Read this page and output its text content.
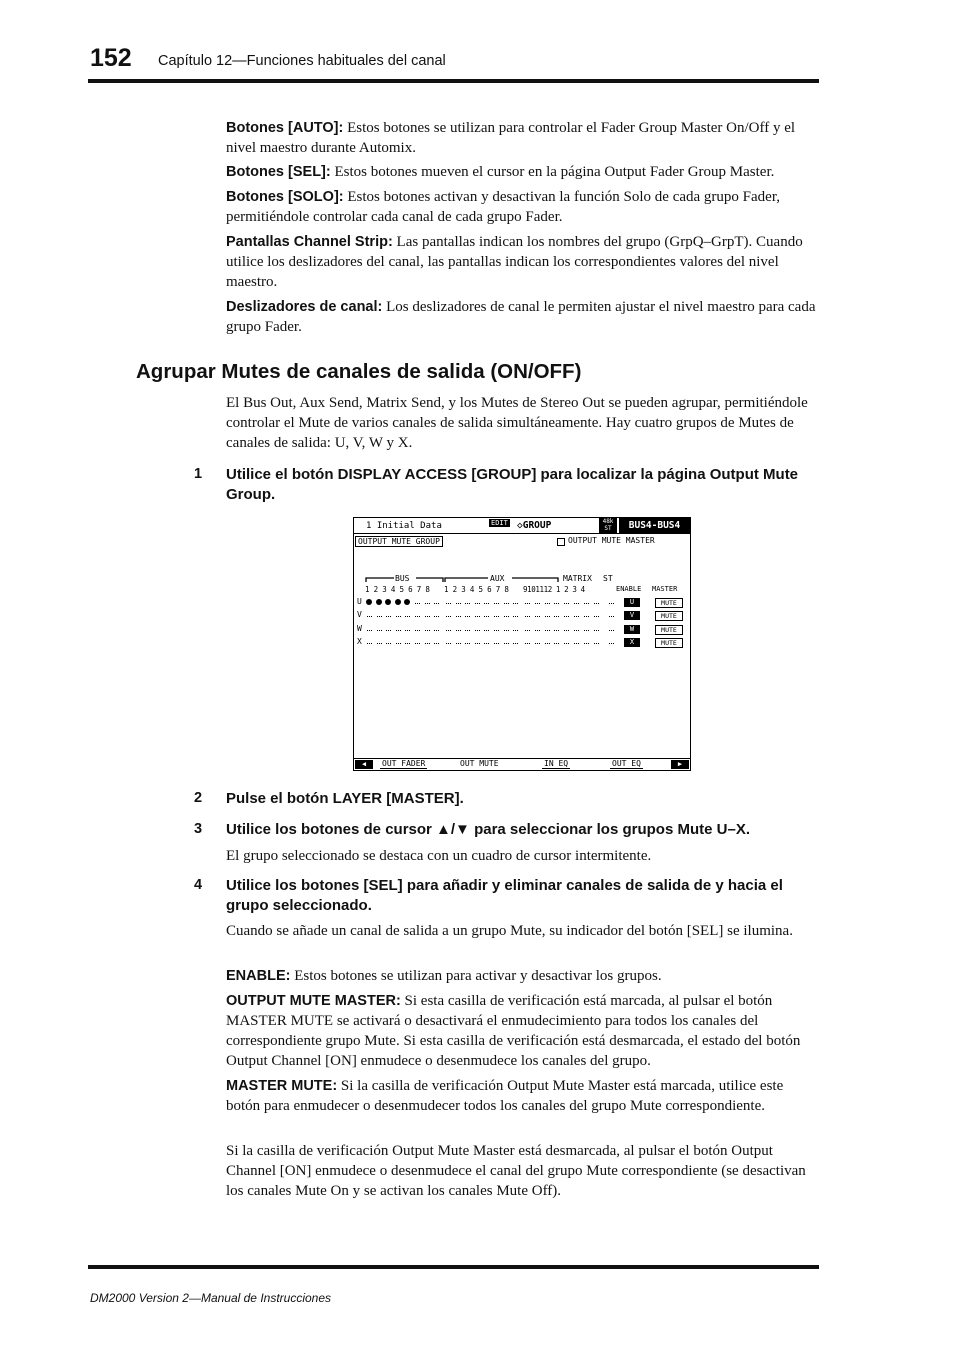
152 Capítulo 12—Funciones habituales del canal

Botones [AUTO]: Estos botones se utilizan para controlar el Fader Group Master On/Off y el nivel maestro durante Automix.

Botones [SEL]: Estos botones mueven el cursor en la página Output Fader Group Master.

Botones [SOLO]: Estos botones activan y desactivan la función Solo de cada grupo Fader, permitiéndole controlar cada canal de cada grupo Fader.

Pantallas Channel Strip: Las pantallas indican los nombres del grupo (GrpQ–GrpT). Cuando utilice los deslizadores del canal, las pantallas indican los correspondientes valores del nivel maestro.

Deslizadores de canal: Los deslizadores de canal le permiten ajustar el nivel maestro para cada grupo Fader.

Agrupar Mutes de canales de salida (ON/OFF)

El Bus Out, Aux Send, Matrix Send, y los Mutes de Stereo Out se pueden agrupar, permitiéndole controlar el Mute de varios canales de salida simultáneamente. Hay cuatro grupos de Mutes de canales de salida: U, V, W y X.

1 Utilice el botón DISPLAY ACCESS [GROUP] para localizar la página Output Mute Group.
1 Initial Data	EDIT ◇GROUP	48k
ST	BUS4-BUS4
OUTPUT MUTE GROUP	OUTPUT MUTE MASTER
BUS	AUX	MATRIX ST
1 2 3 4 5 6 7 8 1 2 3 4 5 6 7 8 9101112 1 2 3 4	ENABLE MASTER
U	U	MUTE
V	V	MUTE
W	W	MUTE
X	X	MUTE
◀	OUT FADER	OUT MUTE	IN EQ	OUT EQ	▶
2 Pulse el botón LAYER [MASTER].
3 Utilice los botones de cursor ▲/▼ para seleccionar los grupos Mute U–X.

El grupo seleccionado se destaca con un cuadro de cursor intermitente.

4 Utilice los botones [SEL] para añadir y eliminar canales de salida de y hacia el grupo seleccionado.

Cuando se añade un canal de salida a un grupo Mute, su indicador del botón [SEL] se ilumina.

ENABLE: Estos botones se utilizan para activar y desactivar los grupos.

OUTPUT MUTE MASTER: Si esta casilla de verificación está marcada, al pulsar el botón MASTER MUTE se activará o desactivará el enmudecimiento para todos los canales del correspondiente grupo Mute. Si esta casilla de verificación está desmarcada, el estado del botón Output Channel [ON] enmudece o desenmudece los canales del grupo.

MASTER MUTE: Si la casilla de verificación Output Mute Master está marcada, utilice este botón para enmudecer o desenmudecer todos los canales del grupo Mute correspondiente.

Si la casilla de verificación Output Mute Master está desmarcada, al pulsar el botón Output Channel [ON] enmudece o desenmudece el canal del grupo Mute correspondiente (se desactivan los canales Mute On y se activan los canales Mute Off).

DM2000 Version 2—Manual de Instrucciones
